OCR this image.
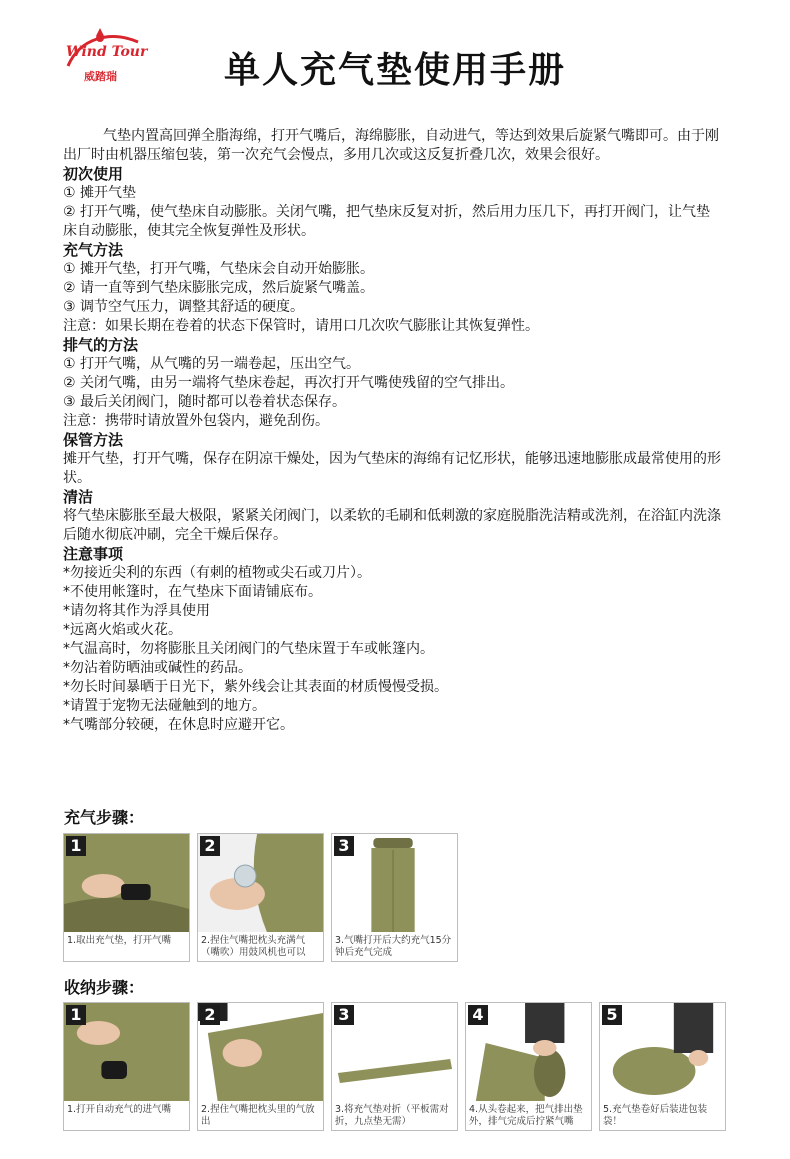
Wind Tour
威踏瑞	单人充气垫使用手册

气垫内置高回弹全脂海绵，打开气嘴后，海绵膨胀，自动进气，等达到效果后旋紧气嘴即可。由于刚出厂时由机器压缩包装，第一次充气会慢点，多用几次或这反复折叠几次，效果会很好。

初次使用

① 摊开气垫

② 打开气嘴，使气垫床自动膨胀。关闭气嘴，把气垫床反复对折，然后用力压几下，再打开阀门，让气垫床自动膨胀，使其完全恢复弹性及形状。

充气方法

① 摊开气垫，打开气嘴，气垫床会自动开始膨胀。

② 请一直等到气垫床膨胀完成，然后旋紧气嘴盖。

③ 调节空气压力，调整其舒适的硬度。

注意：如果长期在卷着的状态下保管时，请用口几次吹气膨胀让其恢复弹性。

排气的方法

① 打开气嘴，从气嘴的另一端卷起，压出空气。

② 关闭气嘴，由另一端将气垫床卷起，再次打开气嘴使残留的空气排出。

③ 最后关闭阀门，随时都可以卷着状态保存。

注意：携带时请放置外包袋内，避免刮伤。

保管方法

摊开气垫，打开气嘴，保存在阴凉干燥处，因为气垫床的海绵有记忆形状，能够迅速地膨胀成最常使用的形状。

清洁

将气垫床膨胀至最大极限，紧紧关闭阀门，以柔软的毛刷和低刺激的家庭脱脂洗洁精或洗剂，在浴缸内洗涤后随水彻底冲刷，完全干燥后保存。

注意事项

*勿接近尖利的东西（有刺的植物或尖石或刀片）。

*不使用帐篷时，在气垫床下面请铺底布。

*请勿将其作为浮具使用

*远离火焰或火花。

*气温高时，勿将膨胀且关闭阀门的气垫床置于车或帐篷内。

*勿沾着防晒油或碱性的药品。

*勿长时间暴晒于日光下，紫外线会让其表面的材质慢慢受损。

*请置于宠物无法碰触到的地方。

*气嘴部分较硬，在休息时应避开它。

充气步骤：
1
1.取出充气垫，打开气嘴
2
2.捏住气嘴把枕头充满气（嘴吹）用鼓风机也可以
3
3.气嘴打开后大约充气15分钟后充气完成
收纳步骤：
1
1.打开自动充气的进气嘴
2
2.捏住气嘴把枕头里的气放出
3
3.将充气垫对折（平板需对折，九点垫无需）
4
4.从头卷起来，把气排出垫外，排气完成后拧紧气嘴
5
5.充气垫卷好后装进包装袋！
